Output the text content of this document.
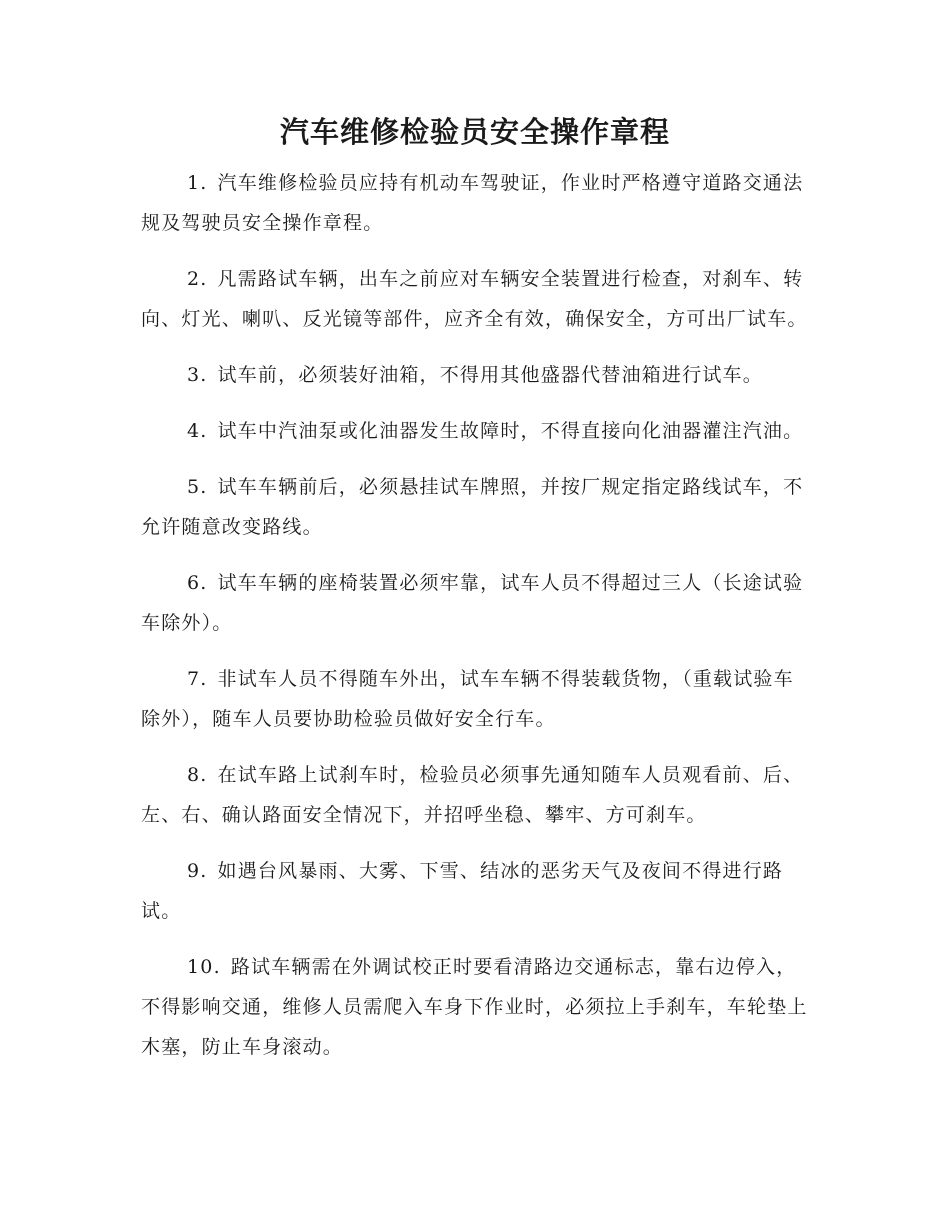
汽车维修检验员安全操作章程

1. 汽车维修检验员应持有机动车驾驶证，作业时严格遵守道路交通法规及驾驶员安全操作章程。

2. 凡需路试车辆，出车之前应对车辆安全装置进行检查，对刹车、转向、灯光、喇叭、反光镜等部件，应齐全有效，确保安全，方可出厂试车。

3. 试车前，必须装好油箱，不得用其他盛器代替油箱进行试车。

4. 试车中汽油泵或化油器发生故障时，不得直接向化油器灌注汽油。

5. 试车车辆前后，必须悬挂试车牌照，并按厂规定指定路线试车，不允许随意改变路线。

6. 试车车辆的座椅装置必须牢靠，试车人员不得超过三人（长途试验车除外）。

7. 非试车人员不得随车外出，试车车辆不得装载货物，（重载试验车除外），随车人员要协助检验员做好安全行车。

8. 在试车路上试刹车时，检验员必须事先通知随车人员观看前、后、左、右、确认路面安全情况下，并招呼坐稳、攀牢、方可刹车。

9. 如遇台风暴雨、大雾、下雪、结冰的恶劣天气及夜间不得进行路试。

10. 路试车辆需在外调试校正时要看清路边交通标志，靠右边停入，不得影响交通，维修人员需爬入车身下作业时，必须拉上手刹车，车轮垫上木塞，防止车身滚动。
